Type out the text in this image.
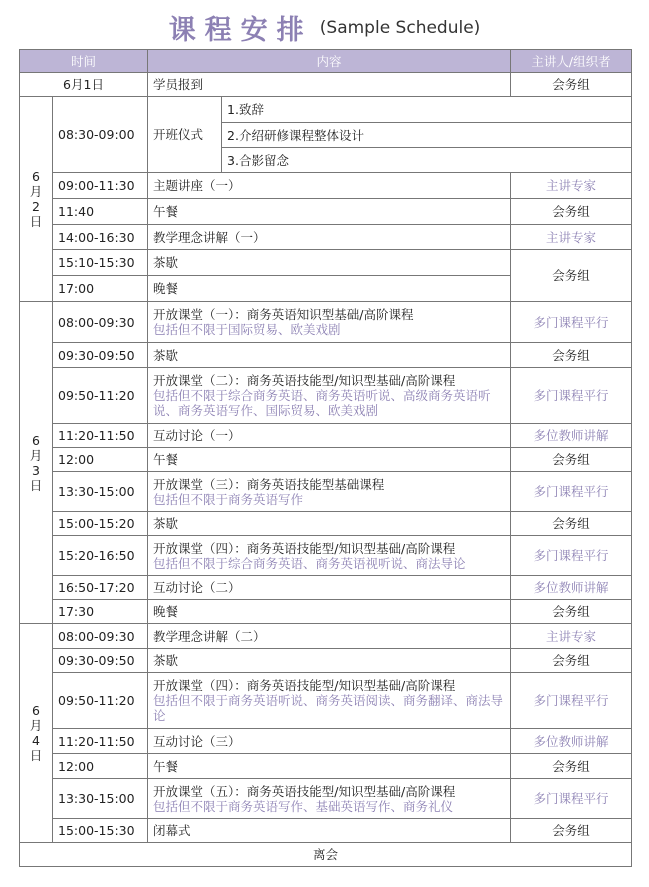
课程安排 (Sample Schedule)
时间		内容		主讲人/组织者
6月1日		学员报到		会务组

6
月
2
日	08:30-09:00	开班仪式	1.致辞	
			2.介绍研修课程整体设计	
			3.合影留念	
	09:00-11:30	主题讲座（一）		主讲专家
	11:40	午餐		会务组
	14:00-16:30	教学理念讲解（一）		主讲专家
	15:10-15:30	茶歇		会务组
	17:00	晚餐		

6
月
3
日	08:00-09:30	开放课堂（一）：商务英语知识型基础/高阶课程
包括但不限于国际贸易、欧美戏剧		多门课程平行
	09:30-09:50	茶歇		会务组
	09:50-11:20	开放课堂（二）：商务英语技能型/知识型基础/高阶课程
包括但不限于综合商务英语、商务英语听说、高级商务英语听说、商务英语写作、国际贸易、欧美戏剧		多门课程平行
	11:20-11:50	互动讨论（一）		多位教师讲解
	12:00	午餐		会务组
	13:30-15:00	开放课堂（三）：商务英语技能型基础课程
包括但不限于商务英语写作		多门课程平行
	15:00-15:20	茶歇		会务组
	15:20-16:50	开放课堂（四）：商务英语技能型/知识型基础/高阶课程
包括但不限于综合商务英语、商务英语视听说、商法导论		多门课程平行
	16:50-17:20	互动讨论（二）		多位教师讲解
	17:30	晚餐		会务组

6
月
4
日	08:00-09:30	教学理念讲解（二）		主讲专家
	09:30-09:50	茶歇		会务组
	09:50-11:20	开放课堂（四）：商务英语技能型/知识型基础/高阶课程
包括但不限于商务英语听说、商务英语阅读、商务翻译、商法导论		多门课程平行
	11:20-11:50	互动讨论（三）		多位教师讲解
	12:00	午餐		会务组
	13:30-15:00	开放课堂（五）：商务英语技能型/知识型基础/高阶课程
包括但不限于商务英语写作、基础英语写作、商务礼仪		多门课程平行
	15:00-15:30	闭幕式		会务组
离会				
